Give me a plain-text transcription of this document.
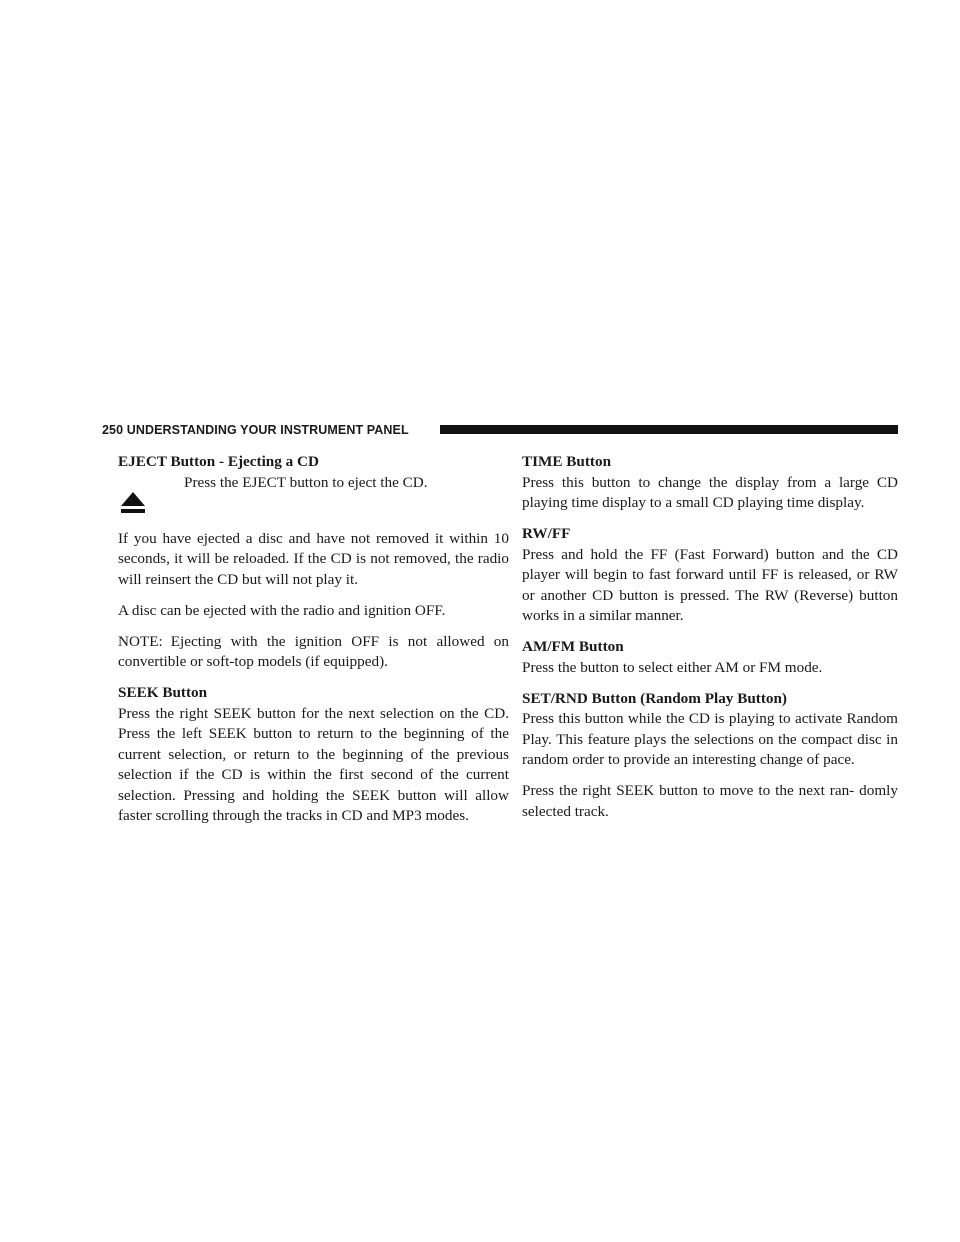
250 UNDERSTANDING YOUR INSTRUMENT PANEL
EJECT Button - Ejecting a CD
Press the EJECT button to eject the CD.

If you have ejected a disc and have not removed it within 10 seconds, it will be reloaded. If the CD is not removed, the radio will reinsert the CD but will not play it.

A disc can be ejected with the radio and ignition OFF.

NOTE: Ejecting with the ignition OFF is not allowed on convertible or soft-top models (if equipped).

SEEK Button

Press the right SEEK button for the next selection on the CD. Press the left SEEK button to return to the beginning of the current selection, or return to the beginning of the previous selection if the CD is within the first second of the current selection. Pressing and holding the SEEK button will allow faster scrolling through the tracks in CD and MP3 modes.

TIME Button

Press this button to change the display from a large CD playing time display to a small CD playing time display.

RW/FF

Press and hold the FF (Fast Forward) button and the CD player will begin to fast forward until FF is released, or RW or another CD button is pressed. The RW (Reverse) button works in a similar manner.

AM/FM Button

Press the button to select either AM or FM mode.

SET/RND Button (Random Play Button)

Press this button while the CD is playing to activate Random Play. This feature plays the selections on the compact disc in random order to provide an interesting change of pace.

Press the right SEEK button to move to the next ran- domly selected track.
